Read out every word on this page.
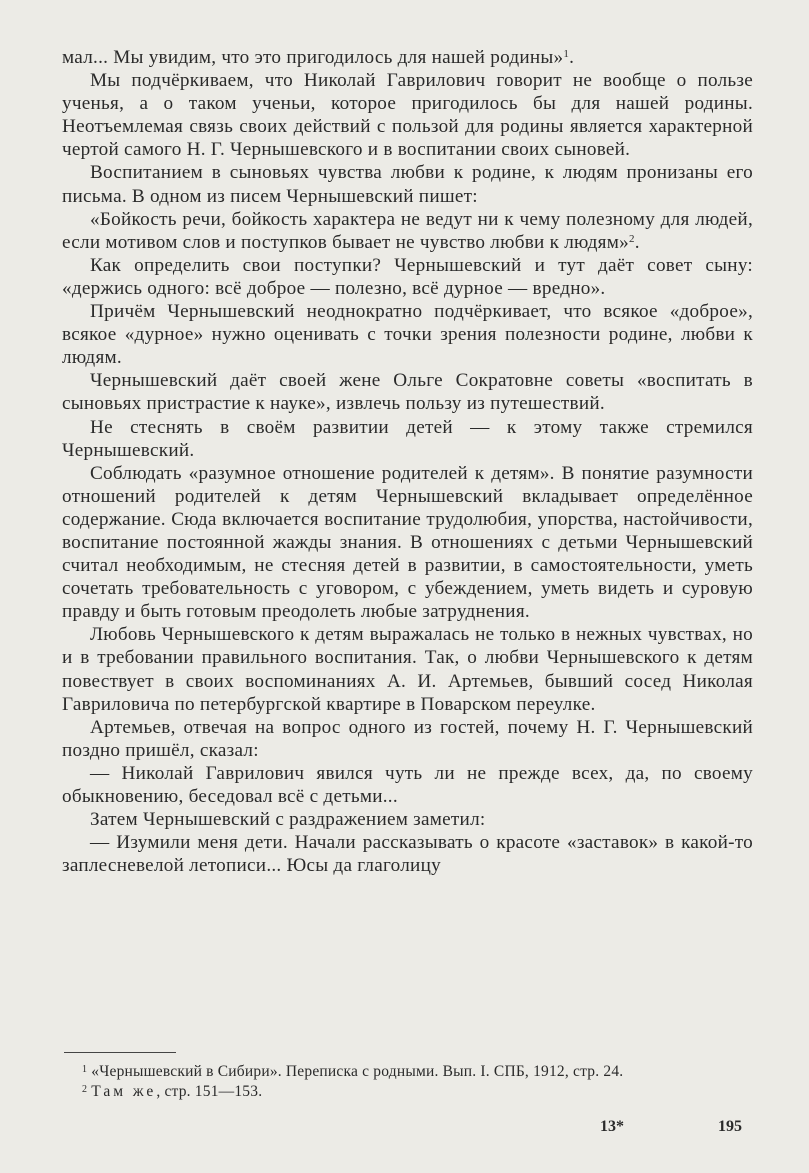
мал... Мы увидим, что это пригодилось для нашей родины»$^1$.

Мы подчёркиваем, что Николай Гаврилович говорит не вообще о пользе ученья, а о таком ученьи, которое пригодилось бы для нашей родины. Неотъемлемая связь своих действий с пользой для родины является характерной чертой самого Н. Г. Чернышевского и в воспитании своих сыновей.

Воспитанием в сыновьях чувства любви к родине, к людям пронизаны его письма. В одном из писем Чернышевский пишет:

«Бойкость речи, бойкость характера не ведут ни к чему полезному для людей, если мотивом слов и поступков бывает не чувство любви к людям»$^2$.

Как определить свои поступки? Чернышевский и тут даёт совет сыну: «держись одного: всё доброе — полезно, всё дурное — вредно».

Причём Чернышевский неоднократно подчёркивает, что всякое «доброе», всякое «дурное» нужно оценивать с точки зрения полезности родине, любви к людям.

Чернышевский даёт своей жене Ольге Сократовне советы «воспитать в сыновьях пристрастие к науке», извлечь пользу из путешествий.

Не стеснять в своём развитии детей — к этому также стремился Чернышевский.

Соблюдать «разумное отношение родителей к детям». В понятие разумности отношений родителей к детям Чернышевский вкладывает определённое содержание. Сюда включается воспитание трудолюбия, упорства, настойчивости, воспитание постоянной жажды знания. В отношениях с детьми Чернышевский считал необходимым, не стесняя детей в развитии, в самостоятельности, уметь сочетать требовательность с уговором, с убеждением, уметь видеть и суровую правду и быть готовым преодолеть любые затруднения.

Любовь Чернышевского к детям выражалась не только в нежных чувствах, но и в требовании правильного воспитания. Так, о любви Чернышевского к детям повествует в своих воспоминаниях А. И. Артемьев, бывший сосед Николая Гавриловича по петербургской квартире в Поварском переулке.

Артемьев, отвечая на вопрос одного из гостей, почему Н. Г. Чернышевский поздно пришёл, сказал:

— Николай Гаврилович явился чуть ли не прежде всех, да, по своему обыкновению, беседовал всё с детьми...

Затем Чернышевский с раздражением заметил:

— Изумили меня дети. Начали рассказывать о красоте «заставок» в какой-то заплесневелой летописи... Юсы да глаголицу

$^1$ «Чернышевский в Сибири». Переписка с родными. Вып. I. СПБ, 1912, стр. 24.

$^2$ Там же, стр. 151—153.

13*	195
